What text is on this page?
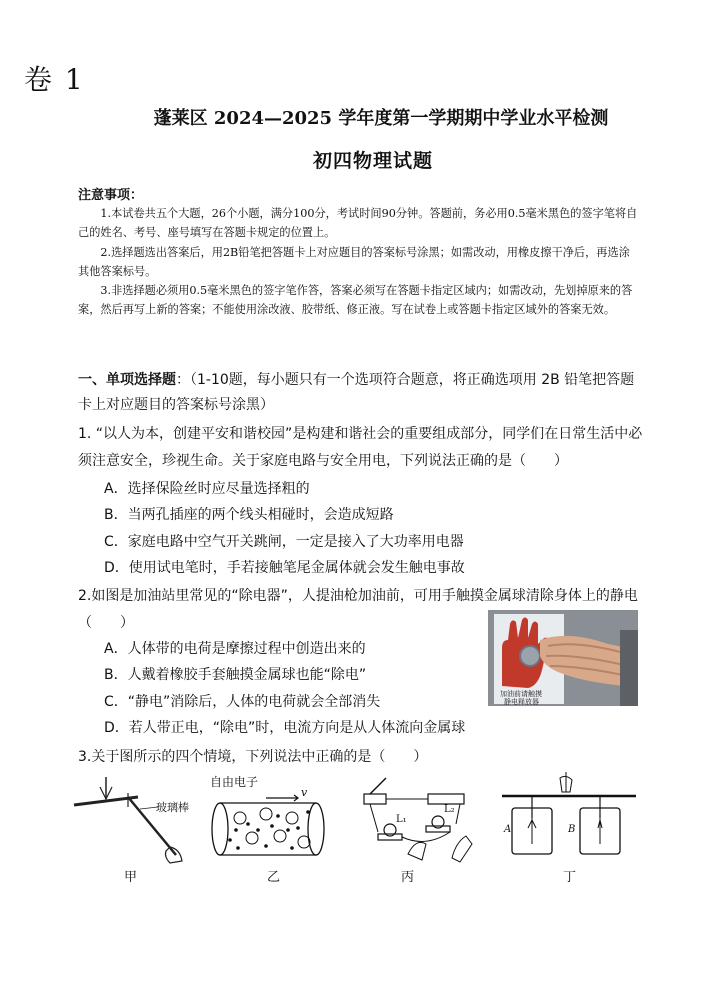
卷 1
蓬莱区 2024—2025 学年度第一学期期中学业水平检测
初四物理试题
注意事项：

1.本试卷共五个大题，26个小题，满分100分，考试时间90分钟。答题前，务必用0.5毫米黑色的签字笔将自己的姓名、考号、座号填写在答题卡规定的位置上。

2.选择题选出答案后，用2B铅笔把答题卡上对应题目的答案标号涂黑；如需改动，用橡皮擦干净后，再选涂其他答案标号。

3.非选择题必须用0.5毫米黑色的签字笔作答，答案必须写在答题卡指定区域内；如需改动，先划掉原来的答案，然后再写上新的答案；不能使用涂改液、胶带纸、修正液。写在试卷上或答题卡指定区域外的答案无效。

一、单项选择题：（1-10题，每小题只有一个选项符合题意，将正确选项用 2B 铅笔把答题卡上对应题目的答案标号涂黑）
1. “以人为本，创建平安和谐校园”是构建和谐社会的重要组成部分，同学们在日常生活中必须注意安全，珍视生命。关于家庭电路与安全用电，下列说法正确的是（　　）
A．选择保险丝时应尽量选择粗的
B．当两孔插座的两个线头相碰时，会造成短路
C．家庭电路中空气开关跳闸，一定是接入了大功率用电器
D．使用试电笔时，手若接触笔尾金属体就会发生触电事故
2.如图是加油站里常见的“除电器”，人提油枪加油前，可用手触摸金属球清除身体上的静电（　　）
A．人体带的电荷是摩擦过程中创造出来的
B．人戴着橡胶手套触摸金属球也能“除电”
C．“静电”消除后，人体的电荷就会全部消失
D．若人带正电，“除电”时，电流方向是从人体流向金属球
加油前请触摸
静电释放器
3.关于图所示的四个情境，下列说法中正确的是（　　）
玻璃棒
自由电子
v
L₁
L₂
A	B
甲	乙	丙	丁
